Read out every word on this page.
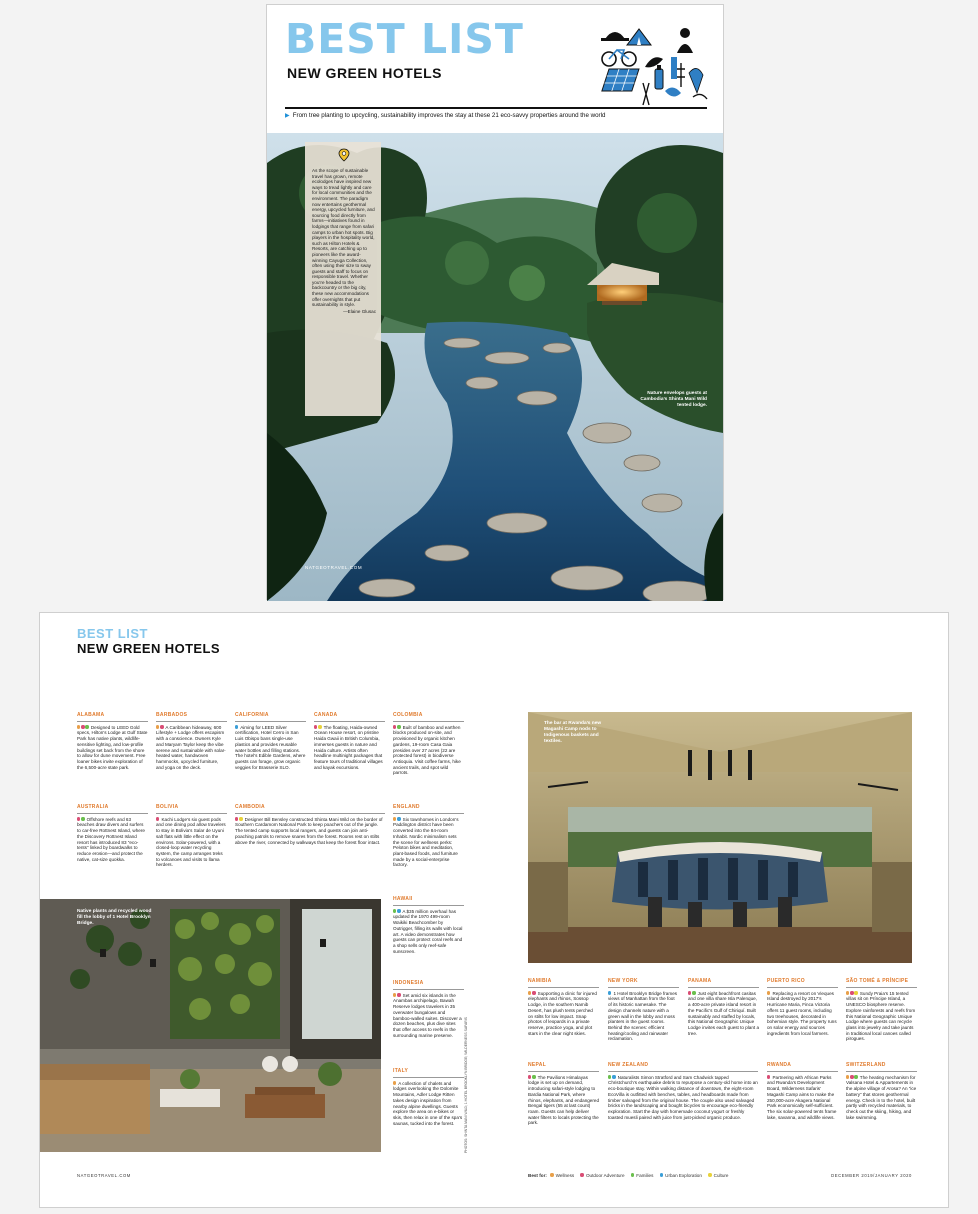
BEST LIST
NEW GREEN HOTELS
▶ From tree planting to upcycling, sustainability improves the stay at these 21 eco-savvy properties around the world
As the scope of sustainable travel has grown, remote ecolodges have inspired new ways to tread lightly and care for local communities and the environment. The paradigm now entertains geothermal energy, upcycled furniture, and sourcing food directly from farms—initiatives found in lodgings that range from safari camps to urban hot spots. Big players in the hospitality world, such as Hilton Hotels & Resorts, are catching up to pioneers like the award-winning Cayuga Collection, often using their size to sway guests and staff to focus on responsible travel. Whether you’re headed to the backcountry or the big city, these new accommodations offer overnights that put sustainability in style.
—Elaine Glusac
Nature envelops guests at Cambodia’s Shinta Mani Wild tented lodge.
NATGEOTRAVEL.COM
BEST LIST
NEW GREEN HOTELS
ALABAMA
Designed to LEED Gold specs, Hilton’s Lodge at Gulf State Park has native plants, wildlife-sensitive lighting, and low-profile buildings set back from the shore to allow for dune movement. Free loaner bikes invite exploration of the 6,500-acre state park.
BARBADOS
A Caribbean hideaway, 600 Lifestyle + Lodge offers escapism with a conscience. Owners Kyle and Maryam Taylor keep the vibe serene and sustainable with solar-heated water, handwoven hammocks, upcycled furniture, and yoga on the deck.
CALIFORNIA
Aiming for LEED Silver certification, Hotel Cerro in San Luis Obispo bans single-use plastics and provides reusable water bottles and filling stations. The hotel’s Edible Gardens, where guests can forage, grow organic veggies for Brasserie SLO.
CANADA
The floating, Haida-owned Ocean House resort, on pristine Haida Gwaii in British Columbia, immerses guests in nature and Haida culture. Artists often headline multinight packages that feature tours of traditional villages and kayak excursions.
COLOMBIA
Built of bamboo and earthen blocks produced on-site, and provisioned by organic kitchen gardens, 19-room Casa Gaia presides over 27 acres (22 are protected forest) in biodiverse Antioquia. Visit coffee farms, hike ancient trails, and spot wild parrots.
AUSTRALIA
Offshore reefs and 63 beaches draw divers and surfers to car-free Rottnest Island, where the Discovery Rottnest Island resort has introduced 83 “eco-tents” linked by boardwalks to reduce erosion—and protect the native, cat-size quokka.
BOLIVIA
Kachi Lodge’s six guest pods and one dining pod allow travelers to stay in Bolivia’s Salar de Uyuni salt flats with little effect on the environs. Solar-powered, with a closed-loop water recycling system, the camp arranges treks to volcanoes and visits to llama herders.
CAMBODIA
Designer Bill Bensley constructed Shinta Mani Wild on the border of Southern Cardamom National Park to keep poachers out of the jungle. The tented camp supports local rangers, and guests can join anti-poaching patrols to remove snares from the forest. Rooms rest on stilts above the river, connected by walkways that keep the forest floor intact.
ENGLAND
Six townhomes in London’s Paddington district have been converted into the 84-room Inhabit. Nordic minimalism sets the scene for wellness perks: Peloton bikes and meditation, plant-based foods, and furniture made by a social-enterprise factory.
HAWAII
A $35 million overhaul has updated the 1970 499-room Waikiki Beachcomber by Outrigger, filling its walls with local art. A video demonstrates how guests can protect coral reefs and a shop sells only reef-safe sunscreen.
INDONESIA
Set amid six islands in the Anambas archipelago, Bawah Reserve lodges travelers in 35 overwater bungalows and bamboo-walled suites. Discover a dozen beaches, plus dive sites that offer access to reefs in the surrounding marine preserve.
ITALY
A collection of chalets and lodges overlooking the Dolomite Mountains, Adler Lodge Ritten takes design inspiration from nearby alpine dwellings. Guests explore the area on e-bikes or skis, then relax in one of the spa’s saunas, tucked into the forest.
Native plants and recycled wood fill the lobby of 1 Hotel Brooklyn Bridge.
PHOTOS: SHINTA MANI WILD; 1 HOTEL BROOKLYN BRIDGE; WILDERNESS SAFARIS
The bar at Rwanda’s new Magashi Camp nods to Indigenous baskets and textiles.
NAMIBIA
Supporting a clinic for injured elephants and rhinos, Sossop Lodge, in the southern Namib Desert, has plush tents perched on stilts for low impact. Snap photos of leopards in a private reserve, practice yoga, and plot stars in the clear night skies.
NEW YORK
1 Hotel Brooklyn Bridge frames views of Manhattan from the foot of its historic namesake. The design channels nature with a green wall in the lobby and moss planters in the guest rooms. Behind the scenes: efficient heating/cooling and rainwater reclamation.
PANAMA
Just eight beachfront casitas and one villa share Isla Palenque, a 400-acre private island resort in the Pacific’s Gulf of Chiriquí. Built sustainably and staffed by locals, this National Geographic Unique Lodge invites each guest to plant a tree.
PUERTO RICO
Replacing a resort on Vieques Island destroyed by 2017’s Hurricane Maria, Finca Victoria offers 11 guest rooms, including two treehouses, decorated in bohemian style. The property runs on solar energy and sources ingredients from local farmers.
SÃO TOMÉ & PRÍNCIPE
Sundy Praia’s 15 tented villas sit on Príncipe Island, a UNESCO biosphere reserve. Explore rainforests and reefs from this National Geographic Unique Lodge where guests can recycle glass into jewelry and take jaunts in traditional local canoes called pirogues.
NEPAL
The Pavilions Himalayas lodge is set up on demand, introducing safari-style lodging to Bardia National Park, where rhinos, elephants, and endangered Bengal tigers (55 at last count) roam. Guests can help deliver water filters to locals protecting the park.
NEW ZEALAND
Naturalists Simon Stratford and Sam Chadwick tapped Christchurch’s earthquake debris to repurpose a century-old home into an eco-boutique stay. Within walking distance of downtown, the eight-room EcoVilla is outfitted with benches, tables, and headboards made from timber salvaged from the original house. The couple also used salvaged bricks in the landscaping and bought bicycles to encourage eco-friendly exploration. Start the day with homemade coconut yogurt or freshly toasted muesli paired with juice from just-picked organic produce.
RWANDA
Partnering with African Parks and Rwanda’s Development Board, Wilderness Safaris’ Magashi Camp aims to make the 250,000-acre Akagera National Park economically self-sufficient. The six solar-powered tents frame lake, savanna, and wildlife views.
SWITZERLAND
The heating mechanism for Valsana Hotel & Appartements in the alpine village of Arosa? An “ice battery” that stores geothermal energy. Check in to the hotel, built partly with recycled materials, to check out the skiing, hiking, and lake swimming.
NATGEOTRAVEL.COM	Best for: Wellness	Outdoor Adventure	Families	Urban Exploration	Culture	DECEMBER 2019/JANUARY 2020
